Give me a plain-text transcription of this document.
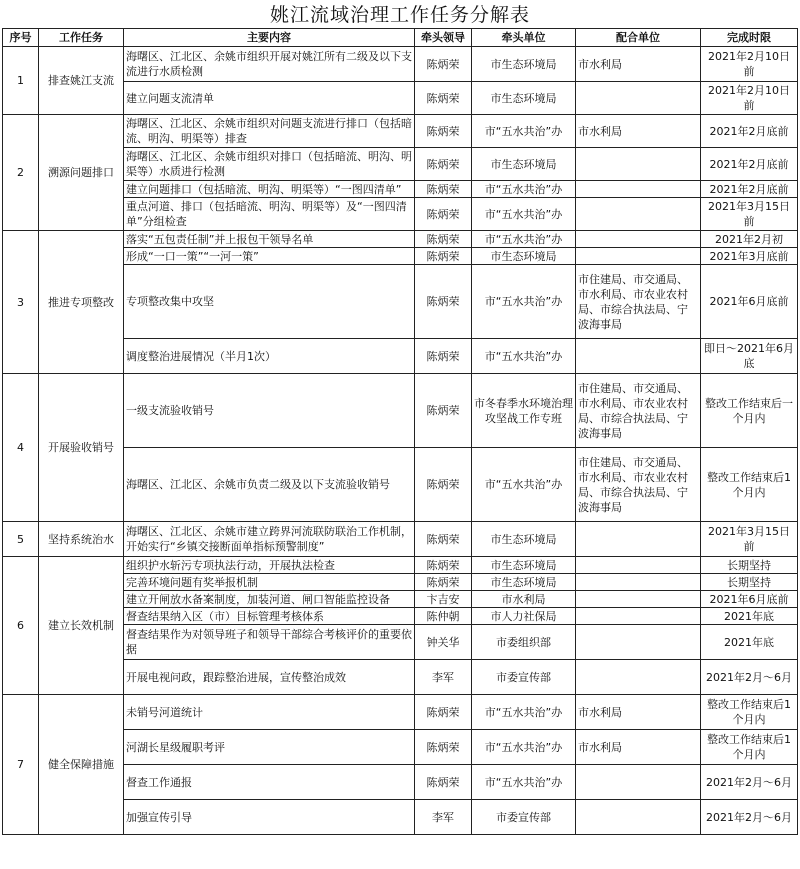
姚江流域治理工作任务分解表
序号	工作任务	主要内容	牵头领导	牵头单位	配合单位	完成时限
1	排查姚江支流	海曙区、江北区、余姚市组织开展对姚江所有二级及以下支流进行水质检测	陈炳荣	市生态环境局	市水利局	2021年2月10日前
		建立问题支流清单	陈炳荣	市生态环境局		2021年2月10日前
2	溯源问题排口	海曙区、江北区、余姚市组织对问题支流进行排口（包括暗流、明沟、明渠等）排查	陈炳荣	市“五水共治”办	市水利局	2021年2月底前
		海曙区、江北区、余姚市组织对排口（包括暗流、明沟、明渠等）水质进行检测	陈炳荣	市生态环境局		2021年2月底前
		建立问题排口（包括暗流、明沟、明渠等）“一图四清单”	陈炳荣	市“五水共治”办		2021年2月底前
		重点河道、排口（包括暗流、明沟、明渠等）及“一图四清单”分组检查	陈炳荣	市“五水共治”办		2021年3月15日前
3	推进专项整改	落实“五包责任制”并上报包干领导名单	陈炳荣	市“五水共治”办		2021年2月初
		形成“一口一策”“一河一策”	陈炳荣	市生态环境局		2021年3月底前
		专项整改集中攻坚	陈炳荣	市“五水共治”办	市住建局、市交通局、市水利局、市农业农村局、市综合执法局、宁波海事局	2021年6月底前
		调度整治进展情况（半月1次）	陈炳荣	市“五水共治”办		即日～2021年6月底
4	开展验收销号	一级支流验收销号	陈炳荣	市冬春季水环境治理攻坚战工作专班	市住建局、市交通局、市水利局、市农业农村局、市综合执法局、宁波海事局	整改工作结束后一个月内
		海曙区、江北区、余姚市负责二级及以下支流验收销号	陈炳荣	市“五水共治”办	市住建局、市交通局、市水利局、市农业农村局、市综合执法局、宁波海事局	整改工作结束后1个月内
5	坚持系统治水	海曙区、江北区、余姚市建立跨界河流联防联治工作机制，开始实行“乡镇交接断面单指标预警制度”	陈炳荣	市生态环境局		2021年3月15日前
6	建立长效机制	组织护水斩污专项执法行动，开展执法检查	陈炳荣	市生态环境局		长期坚持
		完善环境问题有奖举报机制	陈炳荣	市生态环境局		长期坚持
		建立开闸放水备案制度，加装河道、闸口智能监控设备	卞吉安	市水利局		2021年6月底前
		督查结果纳入区（市）目标管理考核体系	陈仲朝	市人力社保局		2021年底
		督查结果作为对领导班子和领导干部综合考核评价的重要依据	钟关华	市委组织部		2021年底
		开展电视问政，跟踪整治进展，宣传整治成效	李军	市委宣传部		2021年2月～6月
7	健全保障措施	未销号河道统计	陈炳荣	市“五水共治”办	市水利局	整改工作结束后1个月内
		河湖长星级履职考评	陈炳荣	市“五水共治”办	市水利局	整改工作结束后1个月内
		督查工作通报	陈炳荣	市“五水共治”办		2021年2月～6月
		加强宣传引导	李军	市委宣传部		2021年2月～6月
